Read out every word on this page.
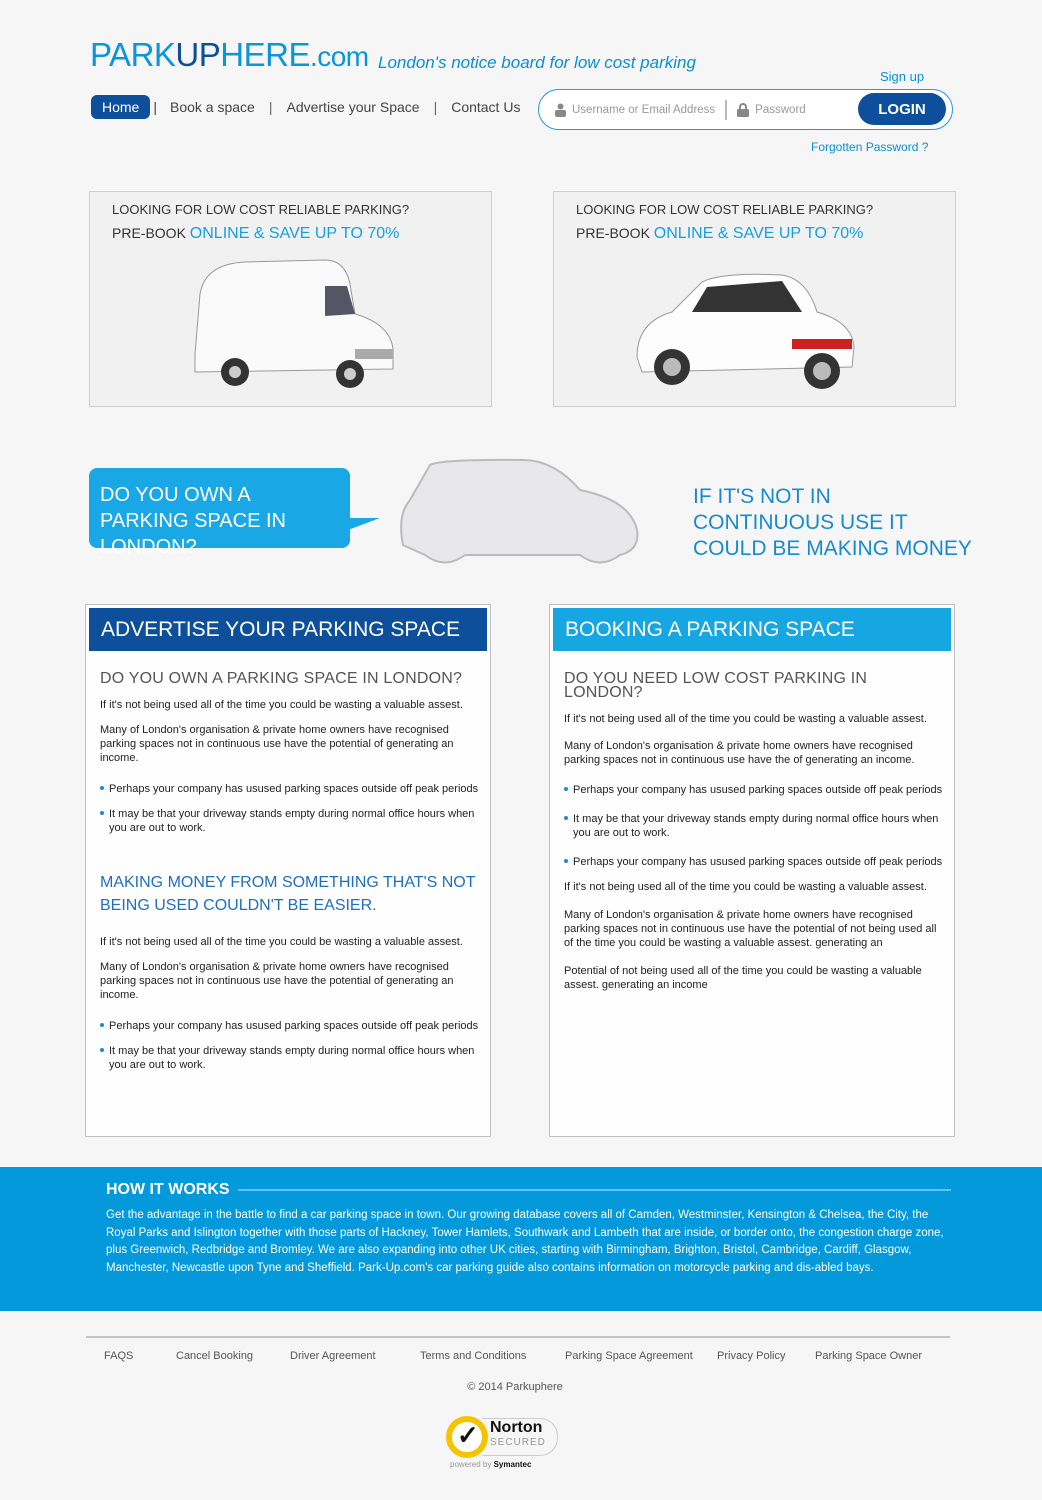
PARKUPHERE.com London's notice board for low cost parking
Home	| Book a space | Advertise your Space | Contact Us
Sign up
Username or Email Address	Password	LOGIN
Forgotten Password ?
LOOKING FOR LOW COST RELIABLE PARKING?
PRE-BOOK ONLINE & SAVE UP TO 70%
LOOKING FOR LOW COST RELIABLE PARKING?
PRE-BOOK ONLINE & SAVE UP TO 70%
DO YOU OWN A PARKING SPACE IN LONDON?
IF IT'S NOT IN CONTINUOUS USE IT COULD BE MAKING MONEY
ADVERTISE YOUR PARKING SPACE
DO YOU OWN A PARKING SPACE IN LONDON?

If it's not being used all of the time you could be wasting a valuable assest.

Many of London's organisation & private home owners have recognised parking spaces not in continuous use have the potential of generating an income.

Perhaps your company has usused parking spaces outside off peak periods
It may be that your driveway stands empty during normal office hours when you are out to work.
MAKING MONEY FROM SOMETHING THAT'S NOT BEING USED COULDN'T BE EASIER.

If it's not being used all of the time you could be wasting a valuable assest.

Many of London's organisation & private home owners have recognised parking spaces not in continuous use have the potential of generating an income.

Perhaps your company has usused parking spaces outside off peak periods
It may be that your driveway stands empty during normal office hours when you are out to work.
BOOKING A PARKING SPACE
DO YOU NEED LOW COST PARKING IN LONDON?

If it's not being used all of the time you could be wasting a valuable assest.

Many of London's organisation & private home owners have recognised parking spaces not in continuous use have the of generating an income.

Perhaps your company has usused parking spaces outside off peak periods
It may be that your driveway stands empty during normal office hours when you are out to work.
Perhaps your company has usused parking spaces outside off peak periods

If it's not being used all of the time you could be wasting a valuable assest.

Many of London's organisation & private home owners have recognised parking spaces not in continuous use have the potential of not being used all of the time you could be wasting a valuable assest. generating an

Potential of not being used all of the time you could be wasting a valuable assest. generating an income

HOW IT WORKS

Get the advantage in the battle to find a car parking space in town. Our growing database covers all of Camden, Westminster, Kensington & Chelsea, the City, the Royal Parks and Islington together with those parts of Hackney, Tower Hamlets, Southwark and Lambeth that are inside, or border onto, the congestion charge zone, plus Greenwich, Redbridge and Bromley. We are also expanding into other UK cities, starting with Birmingham, Brighton, Bristol, Cambridge, Cardiff, Glasgow, Manchester, Newcastle upon Tyne and Sheffield. Park-Up.com's car parking guide also contains information on motorcycle parking and dis-abled bays.

FAQS	Cancel Booking	Driver Agreement	Terms and Conditions	Parking Space Agreement Privacy Policy	Parking Space Owner
© 2014 Parkuphere
✓ Norton
SECURED
powered by Symantec
